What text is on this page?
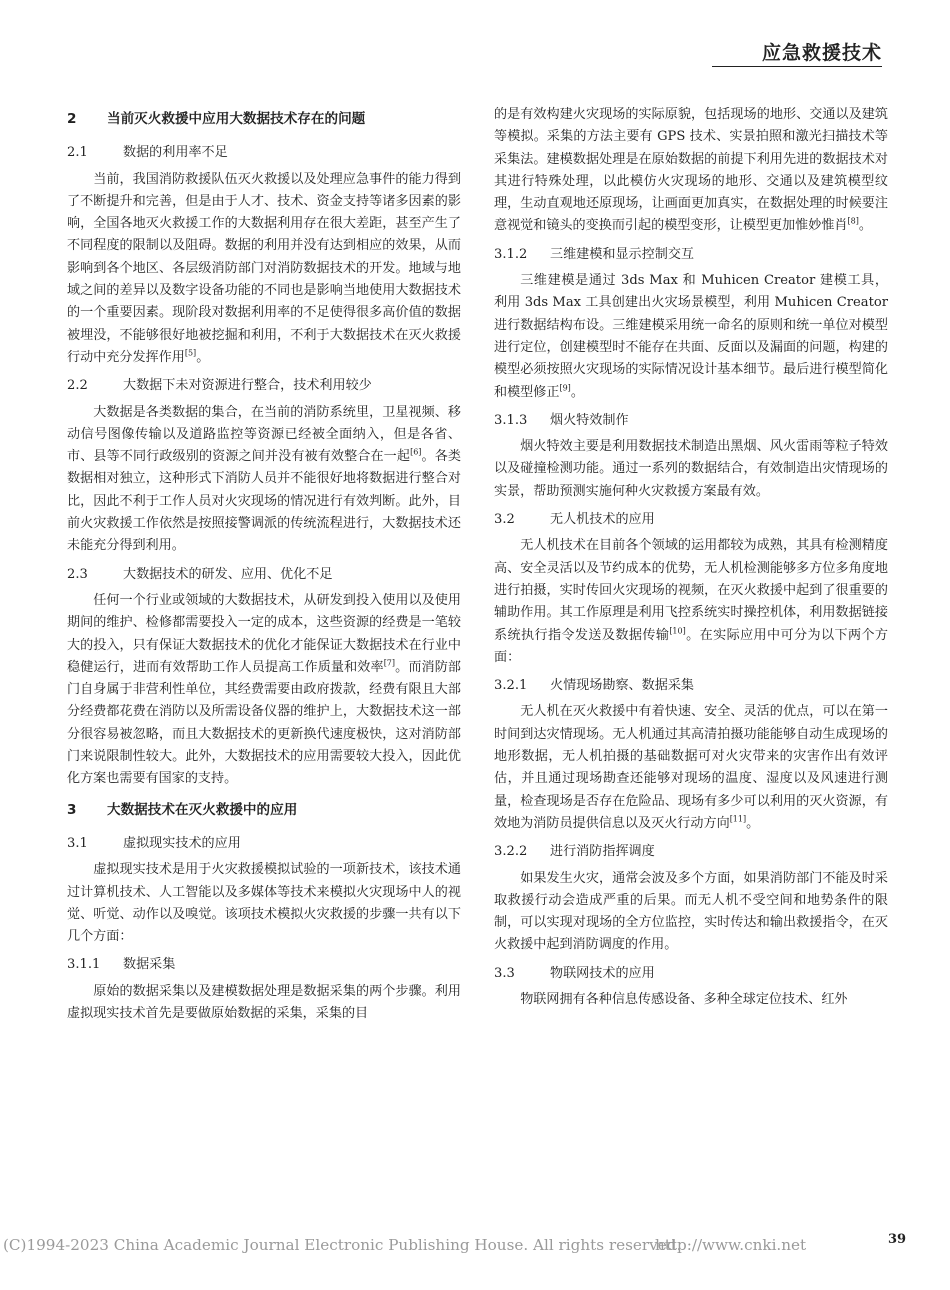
应急救援技术
2 当前灭火救援中应用大数据技术存在的问题
2.1	数据的利用率不足

当前，我国消防救援队伍灭火救援以及处理应急事件的能力得到了不断提升和完善，但是由于人才、技术、资金支持等诸多因素的影响，全国各地灭火救援工作的大数据利用存在很大差距，甚至产生了不同程度的限制以及阻碍。数据的利用并没有达到相应的效果，从而影响到各个地区、各层级消防部门对消防数据技术的开发。地域与地域之间的差异以及数字设备功能的不同也是影响当地使用大数据技术的一个重要因素。现阶段对数据利用率的不足使得很多高价值的数据被埋没，不能够很好地被挖掘和利用，不利于大数据技术在灭火救援行动中充分发挥作用[5]。

2.2	大数据下未对资源进行整合，技术利用较少

大数据是各类数据的集合，在当前的消防系统里，卫星视频、移动信号图像传输以及道路监控等资源已经被全面纳入，但是各省、市、县等不同行政级别的资源之间并没有被有效整合在一起[6]。各类数据相对独立，这种形式下消防人员并不能很好地将数据进行整合对比，因此不利于工作人员对火灾现场的情况进行有效判断。此外，目前火灾救援工作依然是按照接警调派的传统流程进行，大数据技术还未能充分得到利用。

2.3	大数据技术的研发、应用、优化不足

任何一个行业或领域的大数据技术，从研发到投入使用以及使用期间的维护、检修都需要投入一定的成本，这些资源的经费是一笔较大的投入，只有保证大数据技术的优化才能保证大数据技术在行业中稳健运行，进而有效帮助工作人员提高工作质量和效率[7]。而消防部门自身属于非营利性单位，其经费需要由政府拨款，经费有限且大部分经费都花费在消防以及所需设备仪器的维护上，大数据技术这一部分很容易被忽略，而且大数据技术的更新换代速度极快，这对消防部门来说限制性较大。此外，大数据技术的应用需要较大投入，因此优化方案也需要有国家的支持。

3 大数据技术在灭火救援中的应用
3.1	虚拟现实技术的应用

虚拟现实技术是用于火灾救援模拟试验的一项新技术，该技术通过计算机技术、人工智能以及多媒体等技术来模拟火灾现场中人的视觉、听觉、动作以及嗅觉。该项技术模拟火灾救援的步骤一共有以下几个方面：

3.1.1 数据采集

原始的数据采集以及建模数据处理是数据采集的两个步骤。利用虚拟现实技术首先是要做原始数据的采集，采集的目

的是有效构建火灾现场的实际原貌，包括现场的地形、交通以及建筑等模拟。采集的方法主要有 GPS 技术、实景拍照和激光扫描技术等采集法。建模数据处理是在原始数据的前提下利用先进的数据技术对其进行特殊处理，以此模仿火灾现场的地形、交通以及建筑模型纹理，生动直观地还原现场，让画面更加真实，在数据处理的时候要注意视觉和镜头的变换而引起的模型变形，让模型更加惟妙惟肖[8]。

3.1.2 三维建模和显示控制交互

三维建模是通过 3ds Max 和 Muhicen Creator 建模工具，利用 3ds Max 工具创建出火灾场景模型，利用 Muhicen Creator 进行数据结构布设。三维建模采用统一命名的原则和统一单位对模型进行定位，创建模型时不能存在共面、反面以及漏面的问题，构建的模型必须按照火灾现场的实际情况设计基本细节。最后进行模型简化和模型修正[9]。

3.1.3 烟火特效制作

烟火特效主要是利用数据技术制造出黑烟、风火雷雨等粒子特效以及碰撞检测功能。通过一系列的数据结合，有效制造出灾情现场的实景，帮助预测实施何种火灾救援方案最有效。

3.2	无人机技术的应用

无人机技术在目前各个领域的运用都较为成熟，其具有检测精度高、安全灵活以及节约成本的优势，无人机检测能够多方位多角度地进行拍摄，实时传回火灾现场的视频，在灭火救援中起到了很重要的辅助作用。其工作原理是利用飞控系统实时操控机体，利用数据链接系统执行指令发送及数据传输[10]。在实际应用中可分为以下两个方面：

3.2.1 火情现场勘察、数据采集

无人机在灭火救援中有着快速、安全、灵活的优点，可以在第一时间到达灾情现场。无人机通过其高清拍摄功能能够自动生成现场的地形数据，无人机拍摄的基础数据可对火灾带来的灾害作出有效评估，并且通过现场勘查还能够对现场的温度、湿度以及风速进行测量，检查现场是否存在危险品、现场有多少可以利用的灭火资源，有效地为消防员提供信息以及灭火行动方向[11]。

3.2.2 进行消防指挥调度

如果发生火灾，通常会波及多个方面，如果消防部门不能及时采取救援行动会造成严重的后果。而无人机不受空间和地势条件的限制，可以实现对现场的全方位监控，实时传达和输出救援指令，在灭火救援中起到消防调度的作用。

3.3	物联网技术的应用

物联网拥有各种信息传感设备、多种全球定位技术、红外

39
(C)1994-2023 China Academic Journal Electronic Publishing House. All rights reserved.
http://www.cnki.net
